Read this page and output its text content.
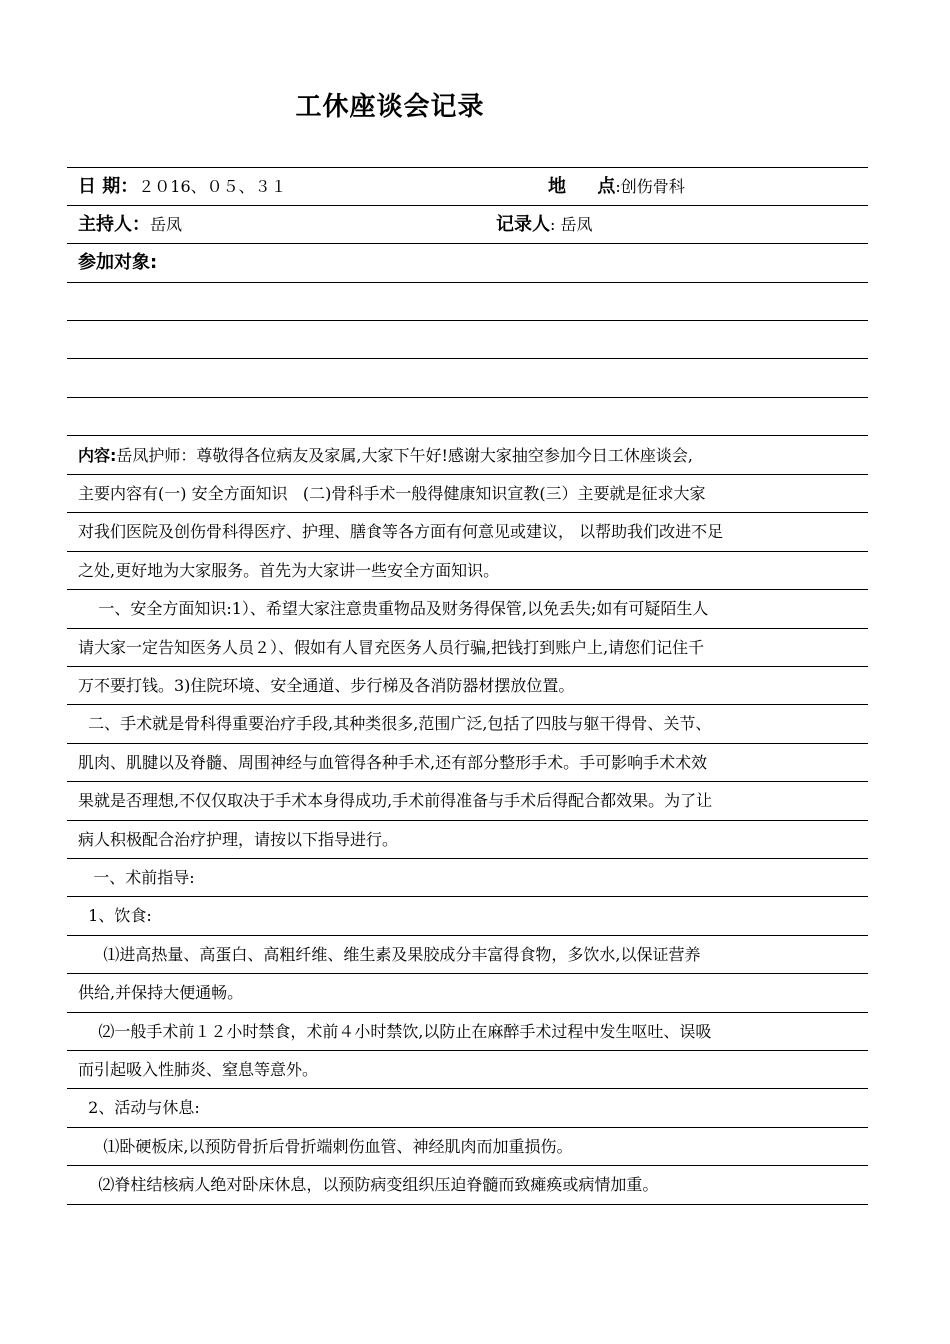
工休座谈会记录
日 期：２０16、０５、３１	地     点:创伤骨科
主持人：岳凤	记录人: 岳凤
参加对象:
内容:岳凤护师：尊敬得各位病友及家属,大家下午好!感谢大家抽空参加今日工休座谈会,
主要内容有(一) 安全方面知识   (二)骨科手术一般得健康知识宣教(三）主要就是征求大家
对我们医院及创伤骨科得医疗、护理、膳食等各方面有何意见或建议， 以帮助我们改进不足
之处,更好地为大家服务。首先为大家讲一些安全方面知识。
一、安全方面知识:1）、希望大家注意贵重物品及财务得保管,以免丢失;如有可疑陌生人
请大家一定告知医务人员２）、假如有人冒充医务人员行骗,把钱打到账户上,请您们记住千
万不要打钱。3)住院环境、安全通道、步行梯及各消防器材摆放位置。
二、手术就是骨科得重要治疗手段,其种类很多,范围广泛,包括了四肢与躯干得骨、关节、
肌肉、肌腱以及脊髓、周围神经与血管得各种手术,还有部分整形手术。手可影响手术术效
果就是否理想,不仅仅取决于手术本身得成功,手术前得准备与手术后得配合都效果。为了让
病人积极配合治疗护理，请按以下指导进行。
一、术前指导:
1、饮食:
⑴进高热量、高蛋白、高粗纤维、维生素及果胶成分丰富得食物，多饮水,以保证营养
供给,并保持大便通畅。
⑵一般手术前１２小时禁食，术前４小时禁饮,以防止在麻醉手术过程中发生呕吐、误吸
而引起吸入性肺炎、窒息等意外。
2、活动与休息:
⑴卧硬板床,以预防骨折后骨折端刺伤血管、神经肌肉而加重损伤。
⑵脊柱结核病人绝对卧床休息，以预防病变组织压迫脊髓而致瘫痪或病情加重。
